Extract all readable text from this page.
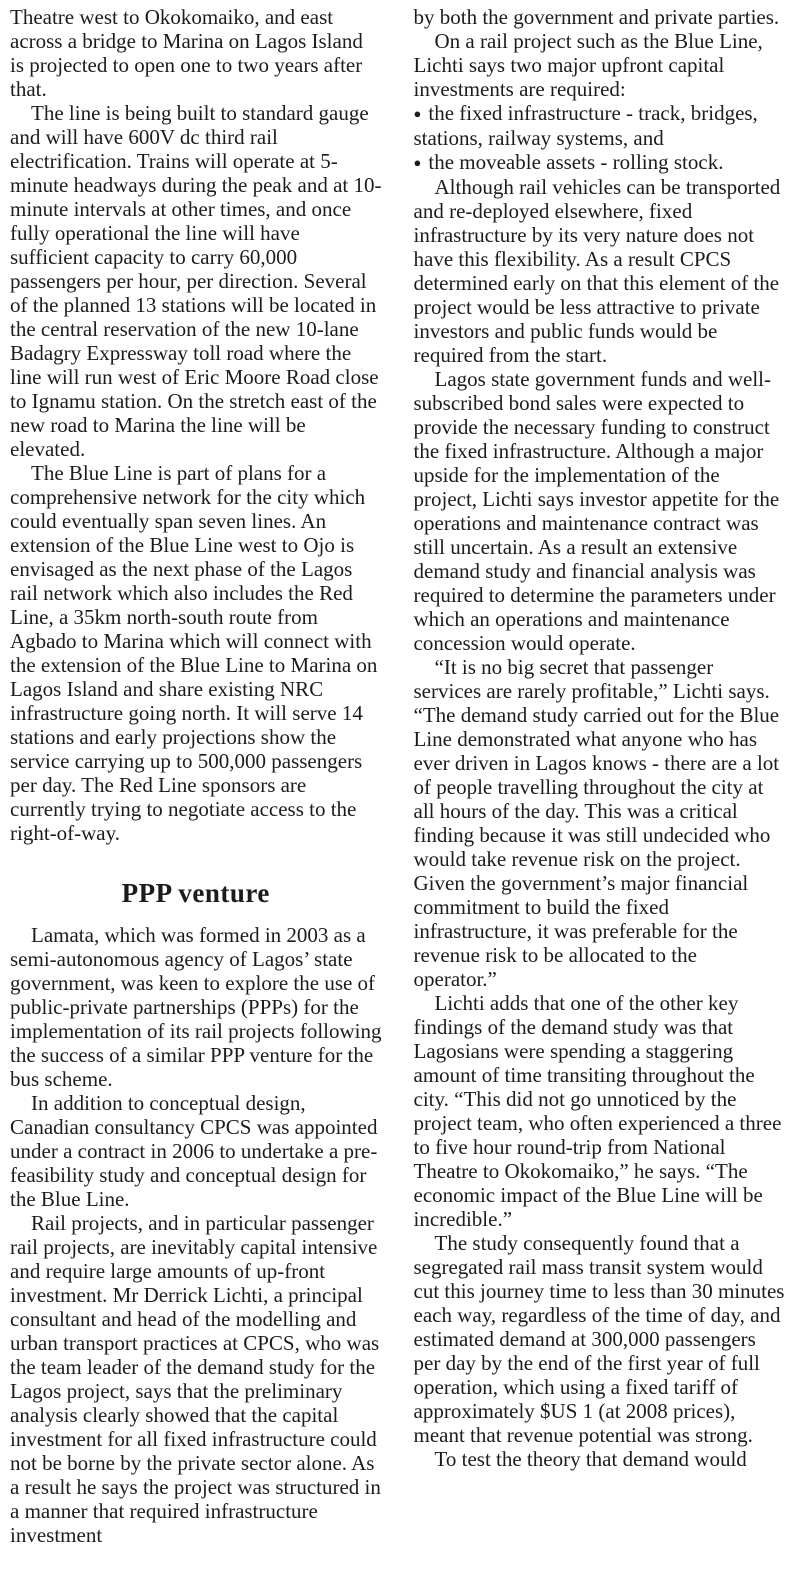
Theatre west to Okokomaiko, and east across a bridge to Marina on Lagos Island is projected to open one to two years after that.

The line is being built to standard gauge and will have 600V dc third rail electrification. Trains will operate at 5-minute headways during the peak and at 10-minute intervals at other times, and once fully operational the line will have sufficient capacity to carry 60,000 passengers per hour, per direction. Several of the planned 13 stations will be located in the central reservation of the new 10-lane Badagry Expressway toll road where the line will run west of Eric Moore Road close to Ignamu station. On the stretch east of the new road to Marina the line will be elevated.

The Blue Line is part of plans for a comprehensive network for the city which could eventually span seven lines. An extension of the Blue Line west to Ojo is envisaged as the next phase of the Lagos rail network which also includes the Red Line, a 35km north-south route from Agbado to Marina which will connect with the extension of the Blue Line to Marina on Lagos Island and share existing NRC infrastructure going north. It will serve 14 stations and early projections show the service carrying up to 500,000 passengers per day. The Red Line sponsors are currently trying to negotiate access to the right-of-way.

PPP venture

Lamata, which was formed in 2003 as a semi-autonomous agency of Lagos’ state government, was keen to explore the use of public-private partnerships (PPPs) for the implementation of its rail projects following the success of a similar PPP venture for the bus scheme.

In addition to conceptual design, Canadian consultancy CPCS was appointed under a contract in 2006 to undertake a pre-feasibility study and conceptual design for the Blue Line.

Rail projects, and in particular passenger rail projects, are inevitably capital intensive and require large amounts of up-front investment. Mr Derrick Lichti, a principal consultant and head of the modelling and urban transport practices at CPCS, who was the team leader of the demand study for the Lagos project, says that the preliminary analysis clearly showed that the capital investment for all fixed infrastructure could not be borne by the private sector alone. As a result he says the project was structured in a manner that required infrastructure investment

by both the government and private parties.

On a rail project such as the Blue Line, Lichti says two major upfront capital investments are required:

● the fixed infrastructure - track, bridges, stations, railway systems, and

● the moveable assets - rolling stock.

Although rail vehicles can be transported and re-deployed elsewhere, fixed infrastructure by its very nature does not have this flexibility. As a result CPCS determined early on that this element of the project would be less attractive to private investors and public funds would be required from the start.

Lagos state government funds and well-subscribed bond sales were expected to provide the necessary funding to construct the fixed infrastructure. Although a major upside for the implementation of the project, Lichti says investor appetite for the operations and maintenance contract was still uncertain. As a result an extensive demand study and financial analysis was required to determine the parameters under which an operations and maintenance concession would operate.

“It is no big secret that passenger services are rarely profitable,” Lichti says. “The demand study carried out for the Blue Line demonstrated what anyone who has ever driven in Lagos knows - there are a lot of people travelling throughout the city at all hours of the day. This was a critical finding because it was still undecided who would take revenue risk on the project. Given the government’s major financial commitment to build the fixed infrastructure, it was preferable for the revenue risk to be allocated to the operator.”

Lichti adds that one of the other key findings of the demand study was that Lagosians were spending a staggering amount of time transiting throughout the city. “This did not go unnoticed by the project team, who often experienced a three to five hour round-trip from National Theatre to Okokomaiko,” he says. “The economic impact of the Blue Line will be incredible.”

The study consequently found that a segregated rail mass transit system would cut this journey time to less than 30 minutes each way, regardless of the time of day, and estimated demand at 300,000 passengers per day by the end of the first year of full operation, which using a fixed tariff of approximately $US 1 (at 2008 prices), meant that revenue potential was strong.

To test the theory that demand would
